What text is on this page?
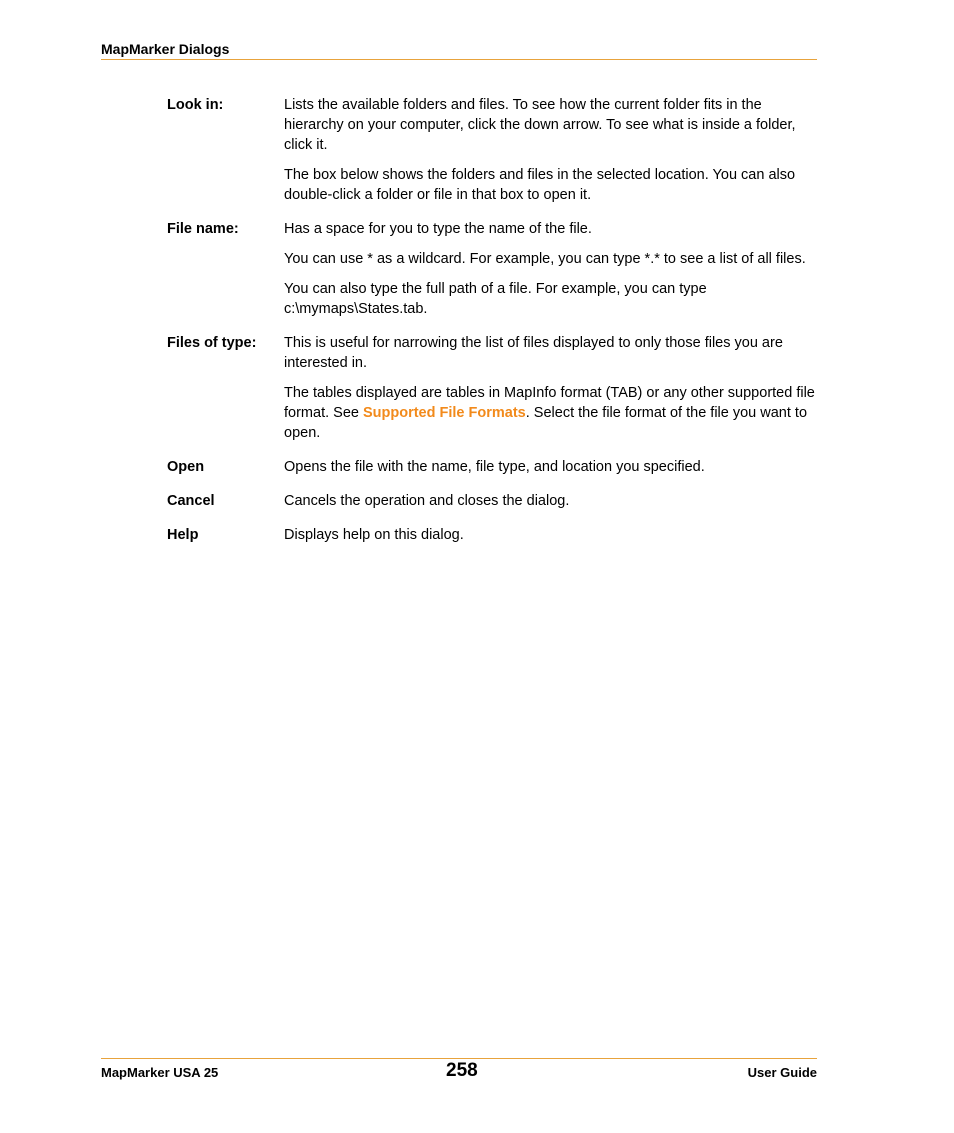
MapMarker Dialogs
Look in:	Lists the available folders and files. To see how the current folder fits in the hierarchy on your computer, click the down arrow. To see what is inside a folder, click it.

The box below shows the folders and files in the selected location. You can also double-click a folder or file in that box to open it.

File name:	Has a space for you to type the name of the file.

You can use * as a wildcard. For example, you can type *.* to see a list of all files.

You can also type the full path of a file. For example, you can type c:\mymaps\States.tab.

Files of type:	This is useful for narrowing the list of files displayed to only those files you are interested in.

The tables displayed are tables in MapInfo format (TAB) or any other supported file format. See Supported File Formats. Select the file format of the file you want to open.

Open	Opens the file with the name, file type, and location you specified.

Cancel	Cancels the operation and closes the dialog.

Help	Displays help on this dialog.

MapMarker USA 25	258	User Guide
